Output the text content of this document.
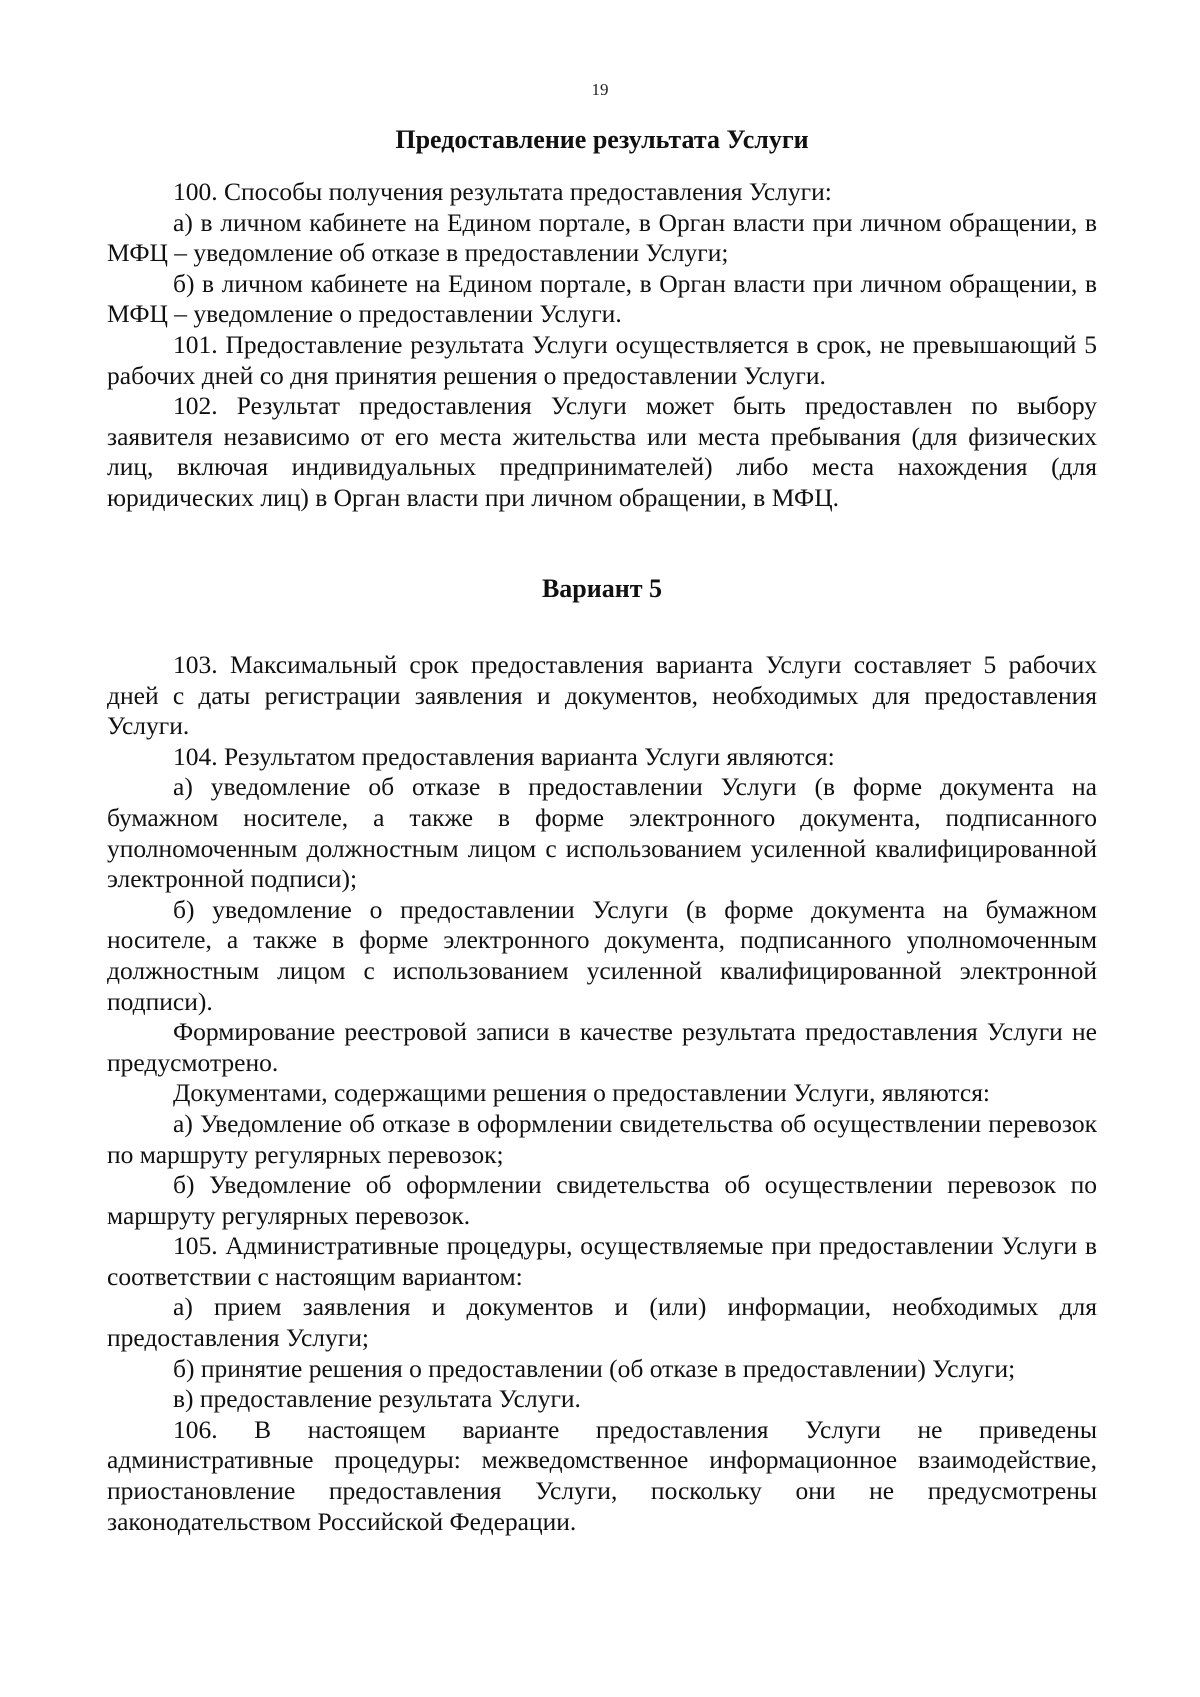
19
Предоставление результата Услуги

100. Способы получения результата предоставления Услуги:

а) в личном кабинете на Едином портале, в Орган власти при личном обращении, в МФЦ – уведомление об отказе в предоставлении Услуги;

б) в личном кабинете на Едином портале, в Орган власти при личном обращении, в МФЦ – уведомление о предоставлении Услуги.

101. Предоставление результата Услуги осуществляется в срок, не превышающий 5 рабочих дней со дня принятия решения о предоставлении Услуги.

102. Результат предоставления Услуги может быть предоставлен по выбору заявителя независимо от его места жительства или места пребывания (для физических лиц, включая индивидуальных предпринимателей) либо места нахождения (для юридических лиц) в Орган власти при личном обращении, в МФЦ.

Вариант 5

103. Максимальный срок предоставления варианта Услуги составляет 5 рабочих дней с даты регистрации заявления и документов, необходимых для предоставления Услуги.

104. Результатом предоставления варианта Услуги являются:

а) уведомление об отказе в предоставлении Услуги (в форме документа на бумажном носителе, а также в форме электронного документа, подписанного уполномоченным должностным лицом с использованием усиленной квалифицированной электронной подписи);

б) уведомление о предоставлении Услуги (в форме документа на бумажном носителе, а также в форме электронного документа, подписанного уполномоченным должностным лицом с использованием усиленной квалифицированной электронной подписи).

Формирование реестровой записи в качестве результата предоставления Услуги не предусмотрено.

Документами, содержащими решения о предоставлении Услуги, являются:

а) Уведомление об отказе в оформлении свидетельства об осуществлении перевозок по маршруту регулярных перевозок;

б) Уведомление об оформлении свидетельства об осуществлении перевозок по маршруту регулярных перевозок.

105. Административные процедуры, осуществляемые при предоставлении Услуги в соответствии с настоящим вариантом:

а) прием заявления и документов и (или) информации, необходимых для предоставления Услуги;

б) принятие решения о предоставлении (об отказе в предоставлении) Услуги;

в) предоставление результата Услуги.

106. В настоящем варианте предоставления Услуги не приведены административные процедуры: межведомственное информационное взаимодействие, приостановление предоставления Услуги, поскольку они не предусмотрены законодательством Российской Федерации.
